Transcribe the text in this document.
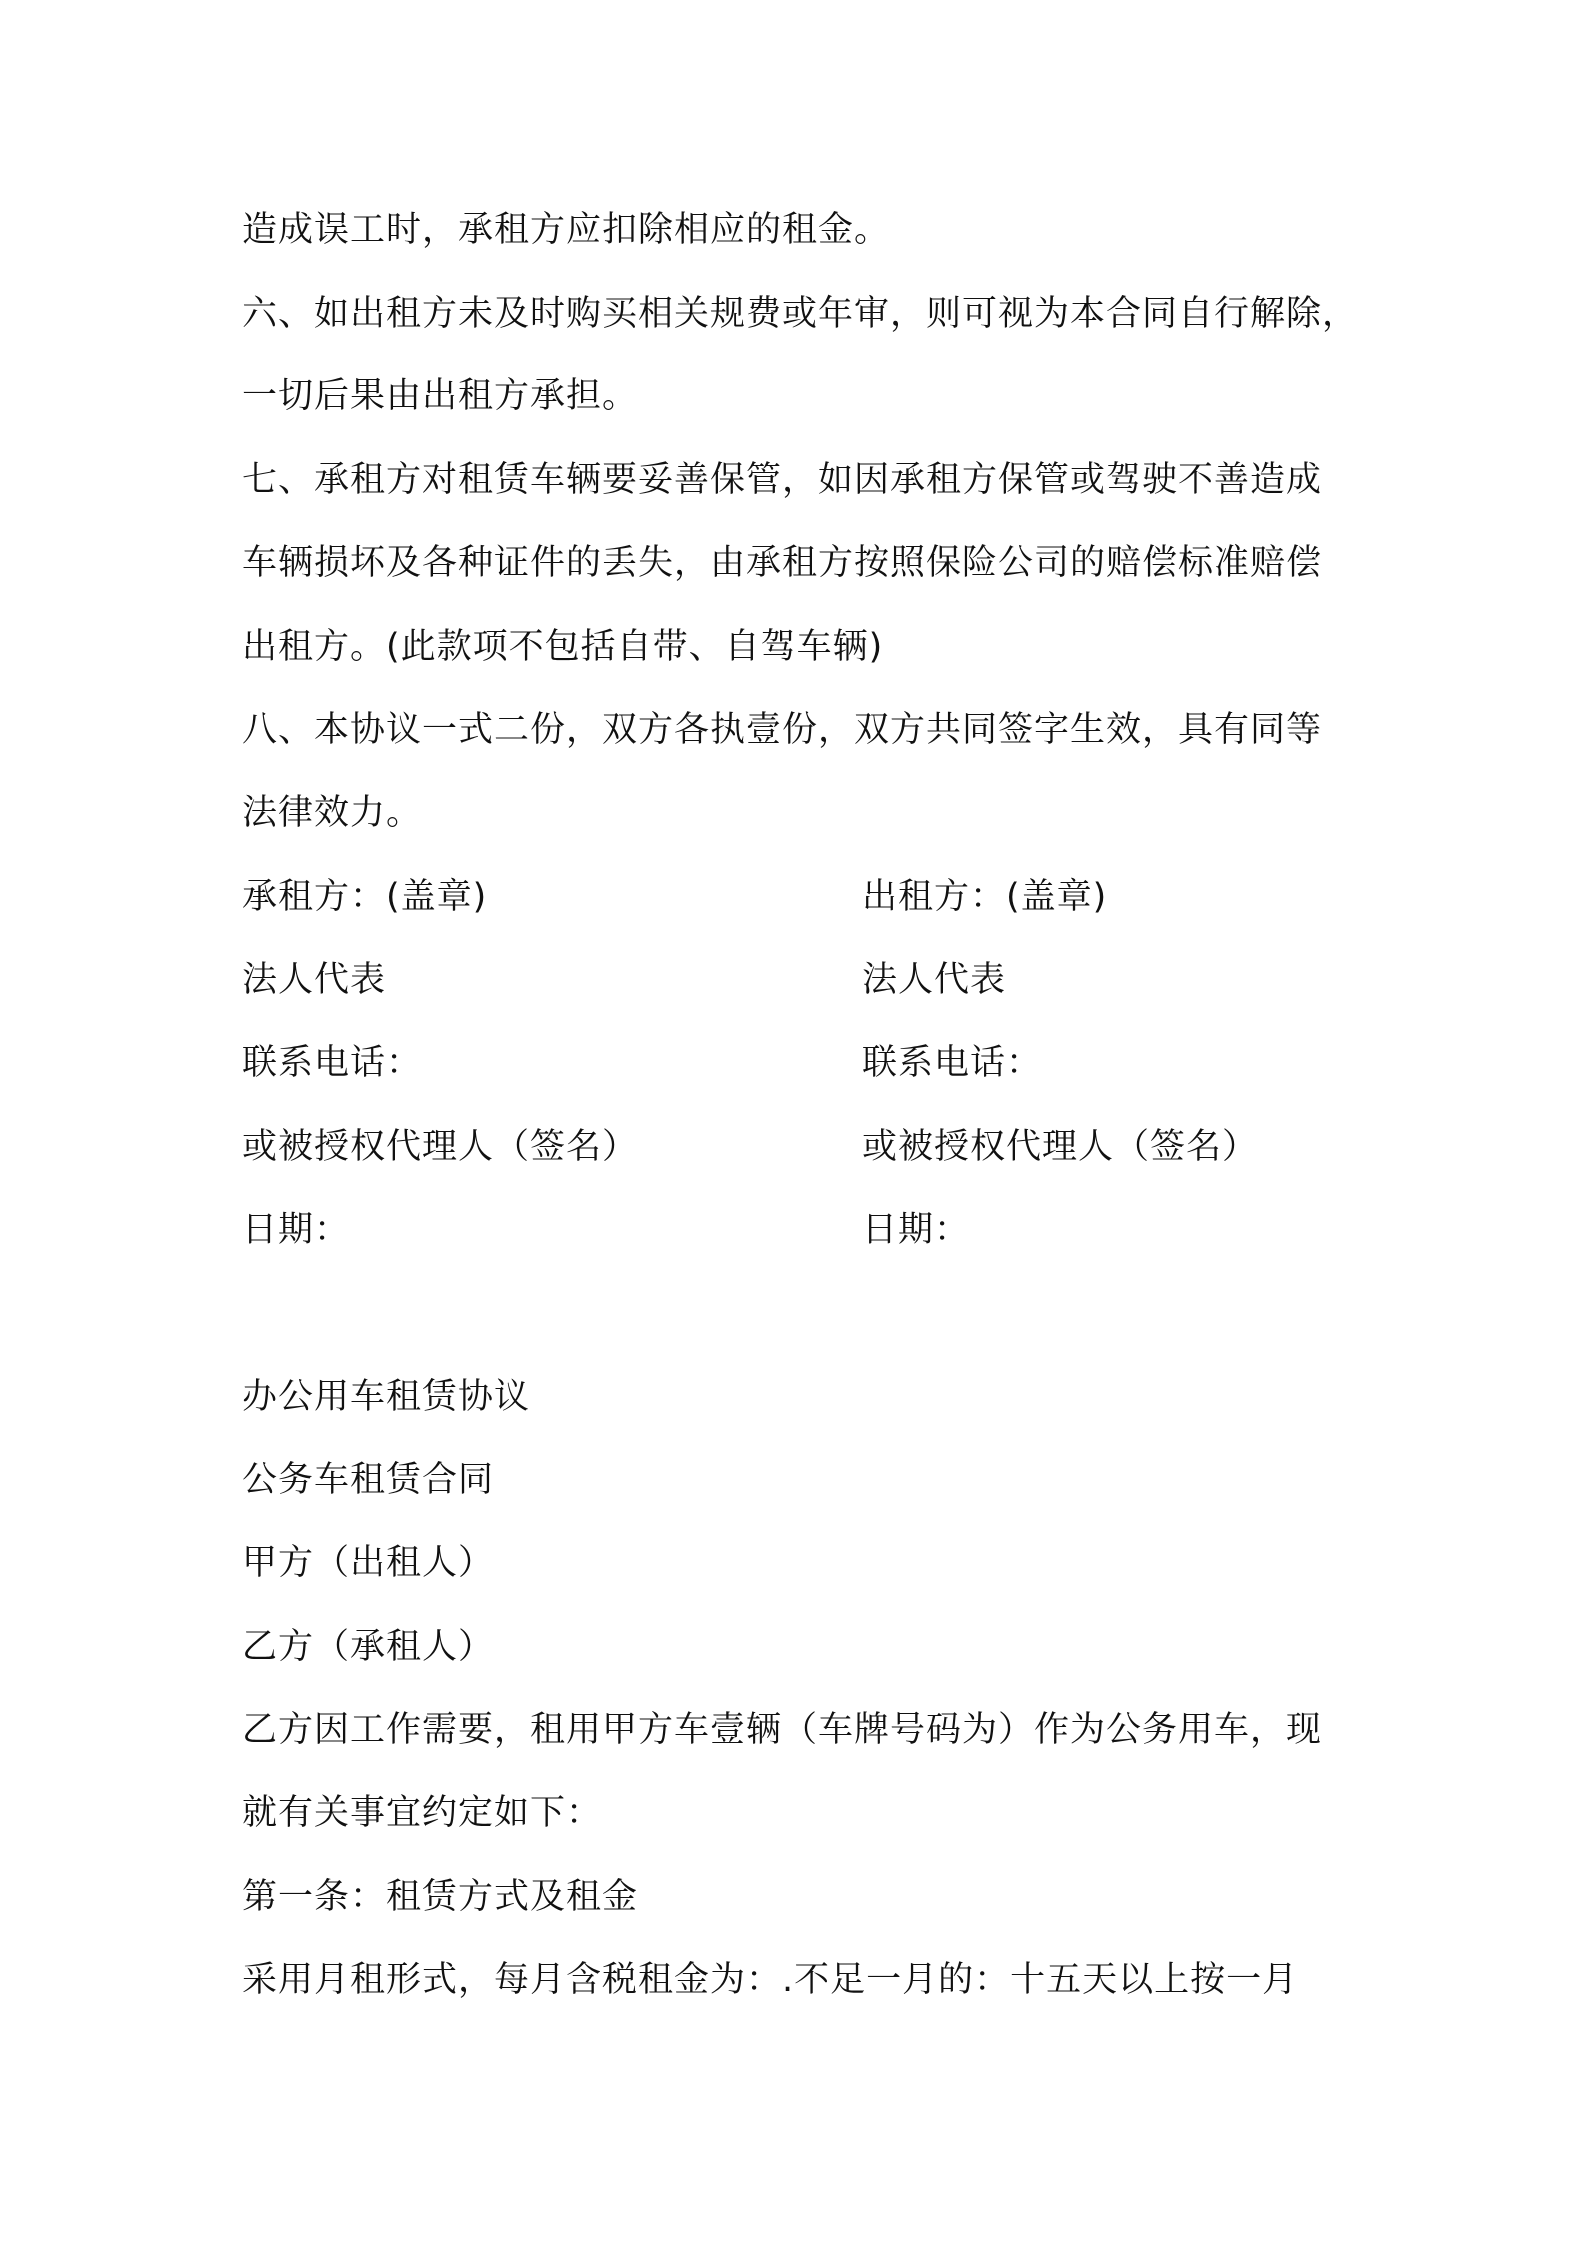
造成误工时，承租方应扣除相应的租金。
六、如出租方未及时购买相关规费或年审，则可视为本合同自行解除，
一切后果由出租方承担。
七、承租方对租赁车辆要妥善保管，如因承租方保管或驾驶不善造成
车辆损坏及各种证件的丢失，由承租方按照保险公司的赔偿标准赔偿
出租方。(此款项不包括自带、自驾车辆)
八、本协议一式二份，双方各执壹份，双方共同签字生效，具有同等
法律效力。
承租方：(盖章)	出租方：(盖章)
法人代表	法人代表
联系电话：	联系电话：
或被授权代理人（签名）	或被授权代理人（签名）
日期：	日期：
办公用车租赁协议
公务车租赁合同
甲方（出租人）
乙方（承租人）
乙方因工作需要，租用甲方车壹辆（车牌号码为）作为公务用车，现
就有关事宜约定如下：
第一条：租赁方式及租金
采用月租形式，每月含税租金为：.不足一月的：十五天以上按一月
